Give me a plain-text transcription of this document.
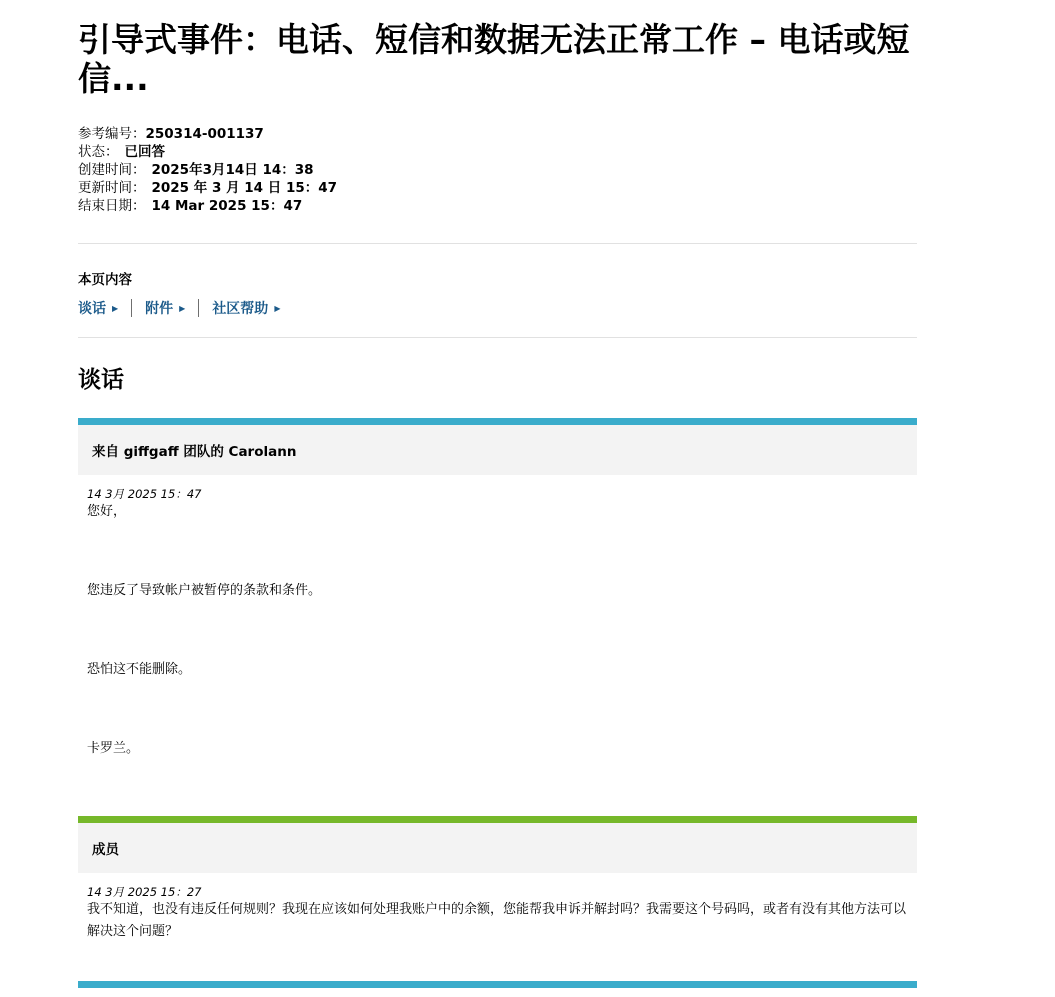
引导式事件：电话、短信和数据无法正常工作 – 电话或短信...
参考编号： 250314-001137
状态： 已回答
创建时间： 2025年3月14日 14：38
更新时间： 2025 年 3 月 14 日 15：47
结束日期： 14 Mar 2025 15：47
本页内容
谈话 ▶ 附件 ▶ 社区帮助 ▶
谈话
来自 giffgaff 团队的 Carolann
14 3月 2025 15：47
您好，
您违反了导致帐户被暂停的条款和条件。
恐怕这不能删除。
卡罗兰。
成员
14 3月 2025 15：27
我不知道，也没有违反任何规则？我现在应该如何处理我账户中的余额，您能帮我申诉并解封吗？我需要这个号码吗，或者有没有其他方法可以解决这个问题？
